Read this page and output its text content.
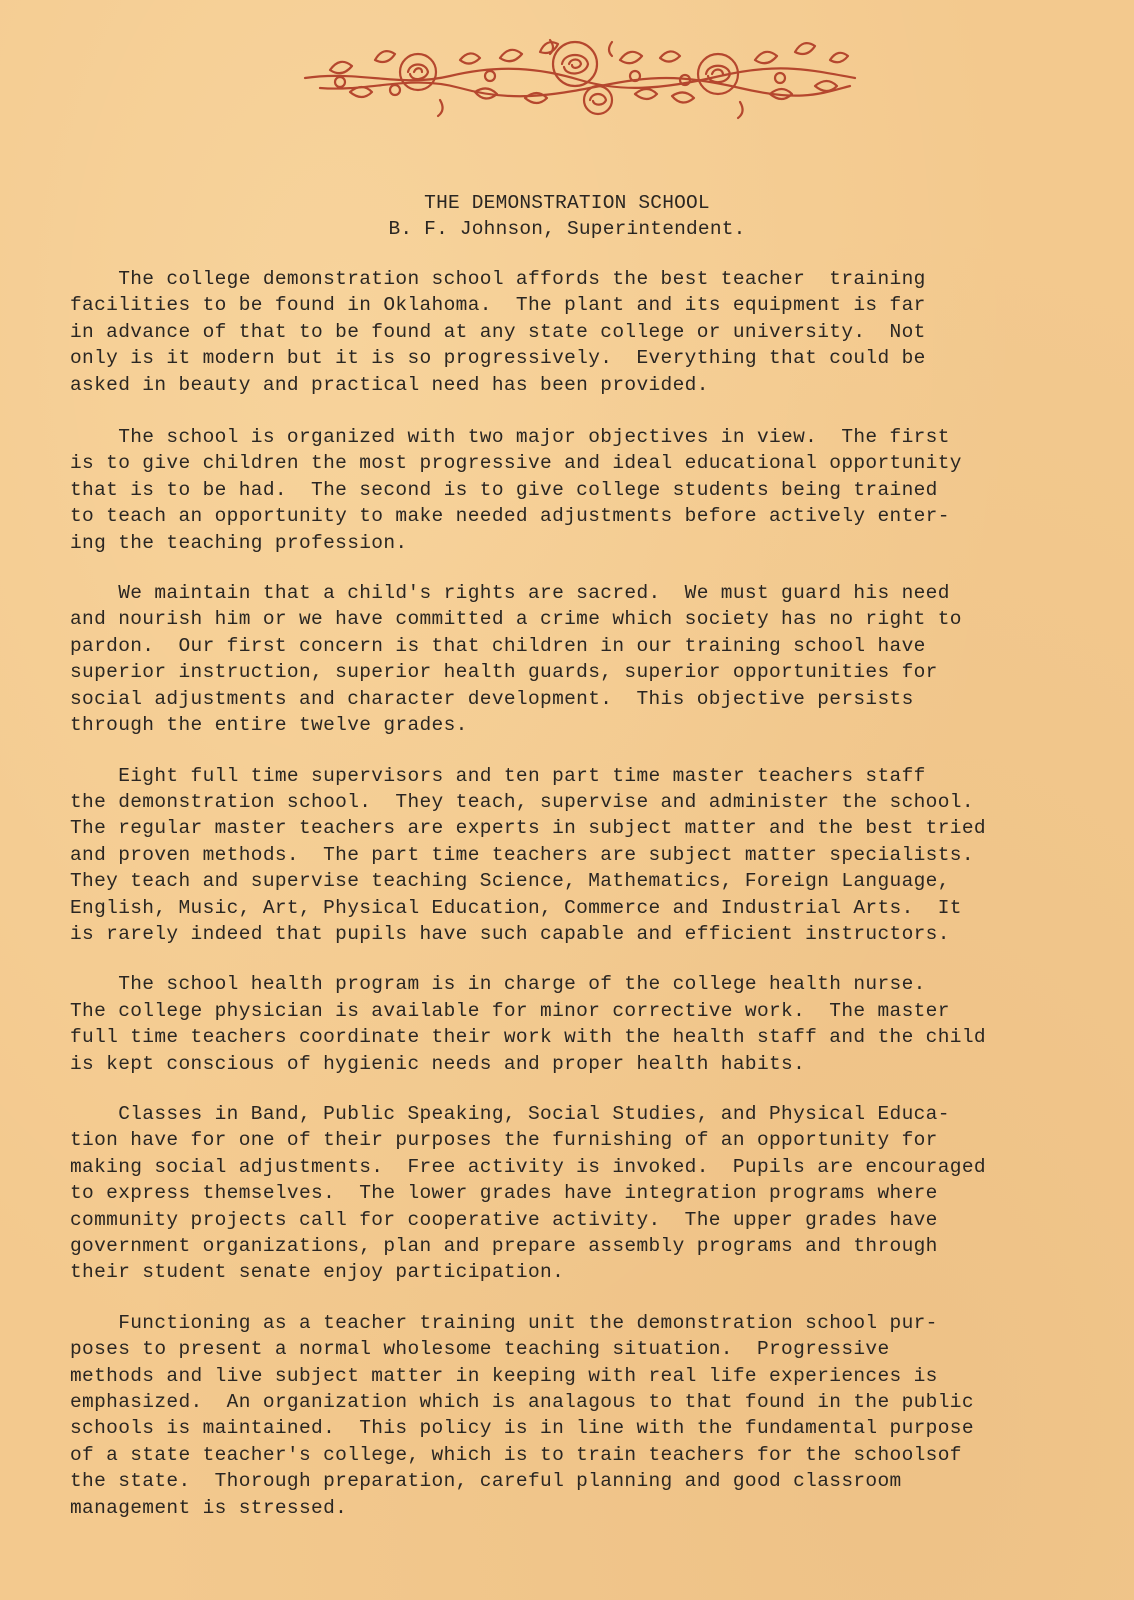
THE DEMONSTRATION SCHOOL
B. F. Johnson, Superintendent.
The college demonstration school affords the best teacher  training
facilities to be found in Oklahoma.  The plant and its equipment is far
in advance of that to be found at any state college or university.  Not
only is it modern but it is so progressively.  Everything that could be
asked in beauty and practical need has been provided.
The school is organized with two major objectives in view.  The first
is to give children the most progressive and ideal educational opportunity
that is to be had.  The second is to give college students being trained
to teach an opportunity to make needed adjustments before actively enter-
ing the teaching profession.
We maintain that a child's rights are sacred.  We must guard his need
and nourish him or we have committed a crime which society has no right to
pardon.  Our first concern is that children in our training school have
superior instruction, superior health guards, superior opportunities for
social adjustments and character development.  This objective persists
through the entire twelve grades.
Eight full time supervisors and ten part time master teachers staff
the demonstration school.  They teach, supervise and administer the school.
The regular master teachers are experts in subject matter and the best tried
and proven methods.  The part time teachers are subject matter specialists.
They teach and supervise teaching Science, Mathematics, Foreign Language,
English, Music, Art, Physical Education, Commerce and Industrial Arts.  It
is rarely indeed that pupils have such capable and efficient instructors.
The school health program is in charge of the college health nurse.
The college physician is available for minor corrective work.  The master
full time teachers coordinate their work with the health staff and the child
is kept conscious of hygienic needs and proper health habits.
Classes in Band, Public Speaking, Social Studies, and Physical Educa-
tion have for one of their purposes the furnishing of an opportunity for
making social adjustments.  Free activity is invoked.  Pupils are encouraged
to express themselves.  The lower grades have integration programs where
community projects call for cooperative activity.  The upper grades have
government organizations, plan and prepare assembly programs and through
their student senate enjoy participation.
Functioning as a teacher training unit the demonstration school pur-
poses to present a normal wholesome teaching situation.  Progressive
methods and live subject matter in keeping with real life experiences is
emphasized.  An organization which is analagous to that found in the public
schools is maintained.  This policy is in line with the fundamental purpose
of a state teacher's college, which is to train teachers for the schoolsof
the state.  Thorough preparation, careful planning and good classroom
management is stressed.
